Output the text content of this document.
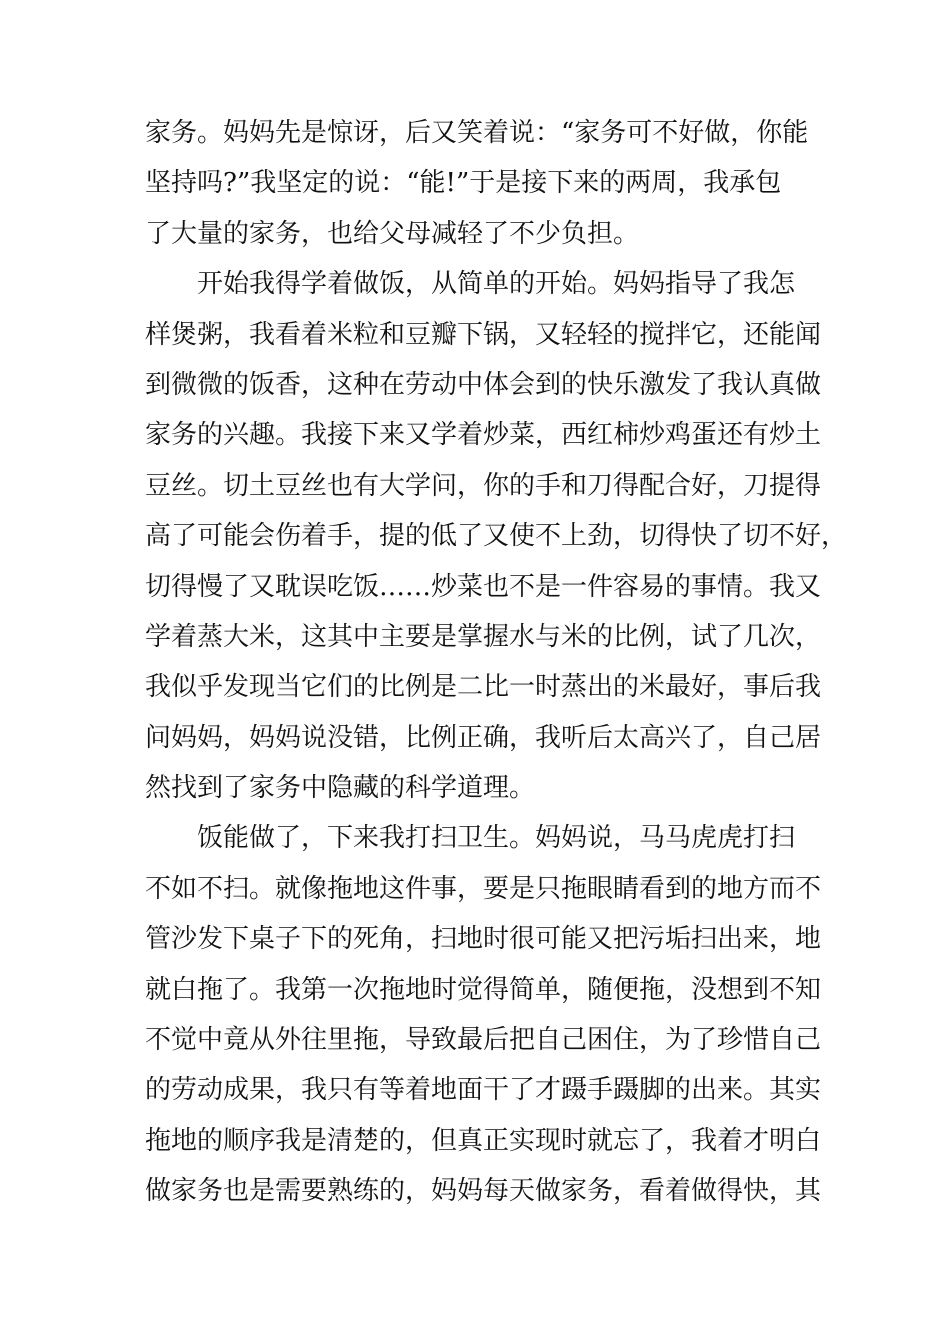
家务。妈妈先是惊讶，后又笑着说：“家务可不好做，你能
坚持吗?”我坚定的说：“能!”于是接下来的两周，我承包
了大量的家务，也给父母减轻了不少负担。
　　开始我得学着做饭，从简单的开始。妈妈指导了我怎
样煲粥，我看着米粒和豆瓣下锅，又轻轻的搅拌它，还能闻
到微微的饭香，这种在劳动中体会到的快乐激发了我认真做
家务的兴趣。我接下来又学着炒菜，西红柿炒鸡蛋还有炒土
豆丝。切土豆丝也有大学问，你的手和刀得配合好，刀提得
高了可能会伤着手，提的低了又使不上劲，切得快了切不好，
切得慢了又耽误吃饭……炒菜也不是一件容易的事情。我又
学着蒸大米，这其中主要是掌握水与米的比例，试了几次，
我似乎发现当它们的比例是二比一时蒸出的米最好，事后我
问妈妈，妈妈说没错，比例正确，我听后太高兴了，自己居
然找到了家务中隐藏的科学道理。
　　饭能做了，下来我打扫卫生。妈妈说，马马虎虎打扫
不如不扫。就像拖地这件事，要是只拖眼睛看到的地方而不
管沙发下桌子下的死角，扫地时很可能又把污垢扫出来，地
就白拖了。我第一次拖地时觉得简单，随便拖，没想到不知
不觉中竟从外往里拖，导致最后把自己困住，为了珍惜自己
的劳动成果，我只有等着地面干了才蹑手蹑脚的出来。其实
拖地的顺序我是清楚的，但真正实现时就忘了，我着才明白
做家务也是需要熟练的，妈妈每天做家务，看着做得快，其
